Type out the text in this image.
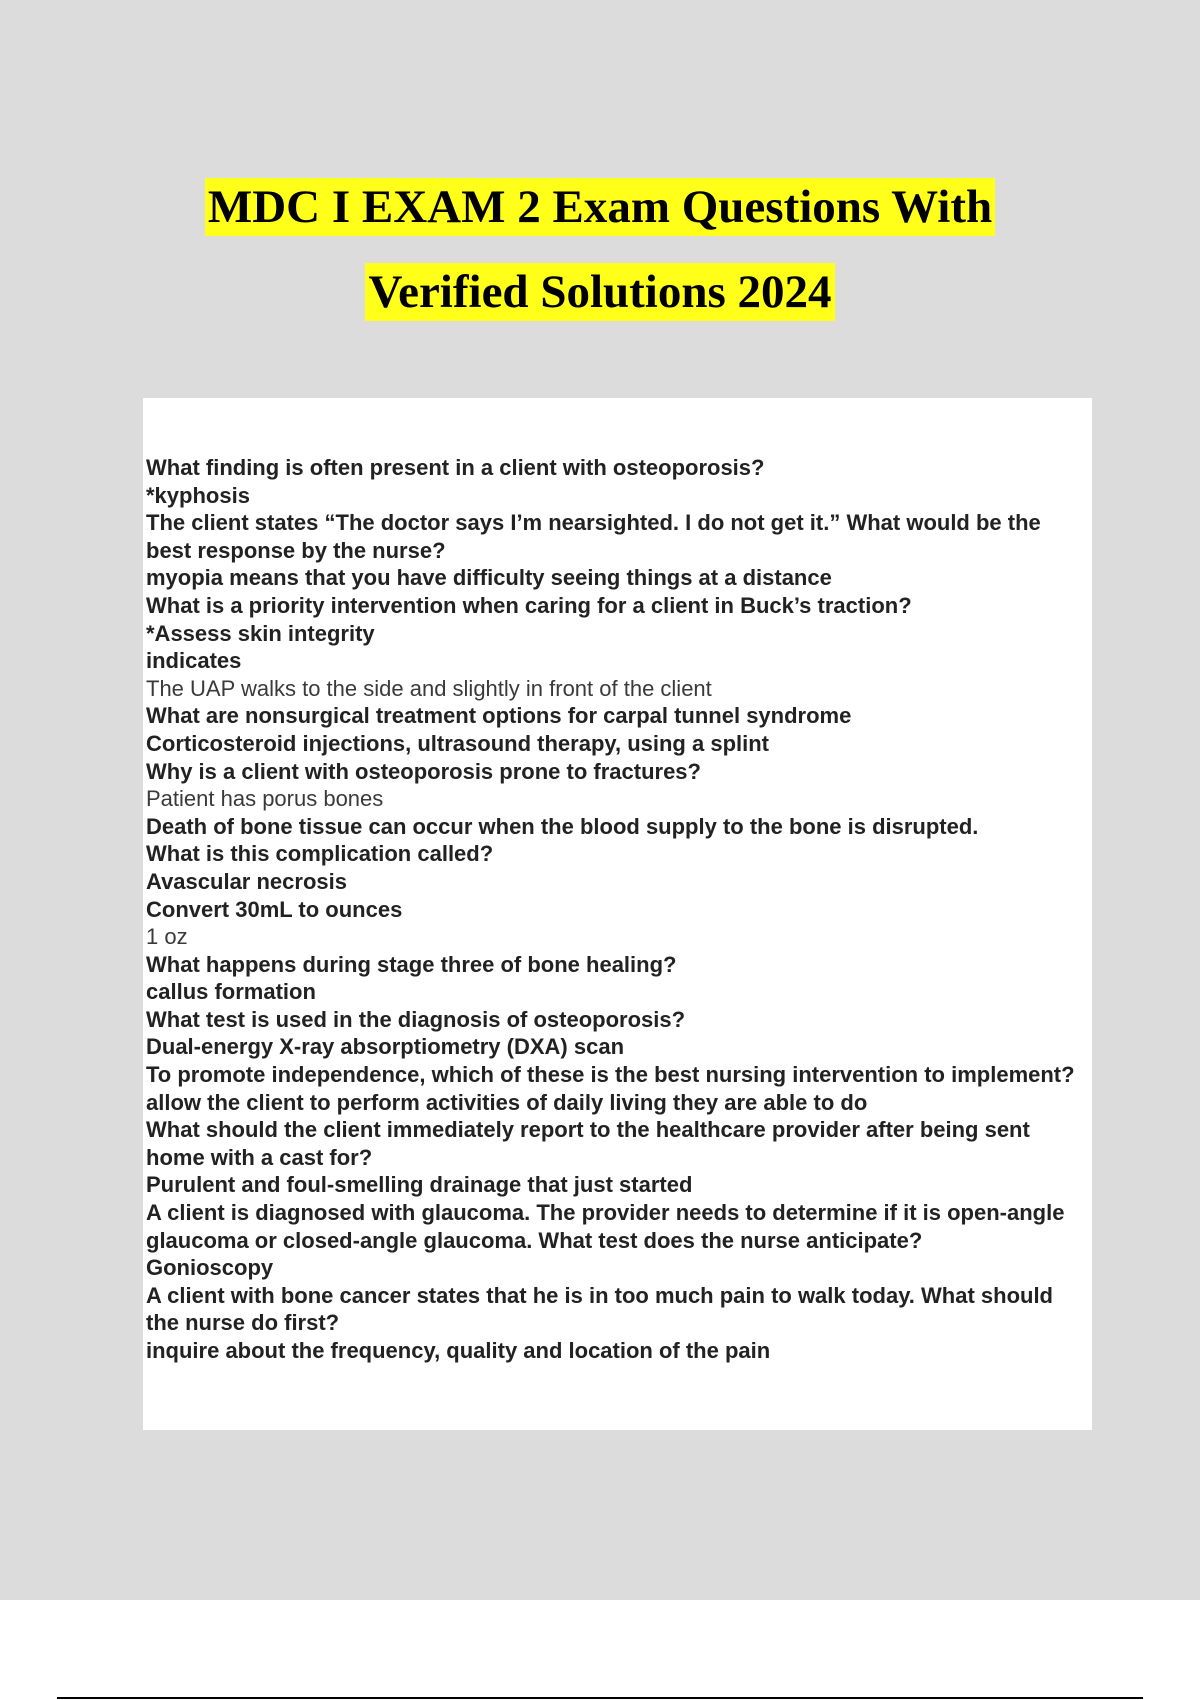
MDC I EXAM 2 Exam Questions With
Verified Solutions 2024
What finding is often present in a client with osteoporosis?
*kyphosis
The client states “The doctor says I’m nearsighted. I do not get it.” What would be the best response by the nurse?
myopia means that you have difficulty seeing things at a distance
What is a priority intervention when caring for a client in Buck’s traction?
*Assess skin integrity
indicates
The UAP walks to the side and slightly in front of the client
What are nonsurgical treatment options for carpal tunnel syndrome
Corticosteroid injections, ultrasound therapy, using a splint
Why is a client with osteoporosis prone to fractures?
Patient has porus bones
Death of bone tissue can occur when the blood supply to the bone is disrupted.
What is this complication called?
Avascular necrosis
Convert 30mL to ounces
1 oz
What happens during stage three of bone healing?
callus formation
What test is used in the diagnosis of osteoporosis?
Dual-energy X-ray absorptiometry (DXA) scan
To promote independence, which of these is the best nursing intervention to implement?
allow the client to perform activities of daily living they are able to do
What should the client immediately report to the healthcare provider after being sent home with a cast for?
Purulent and foul-smelling drainage that just started
A client is diagnosed with glaucoma. The provider needs to determine if it is open-angle glaucoma or closed-angle glaucoma. What test does the nurse anticipate?
Gonioscopy
A client with bone cancer states that he is in too much pain to walk today. What should the nurse do first?
inquire about the frequency, quality and location of the pain
